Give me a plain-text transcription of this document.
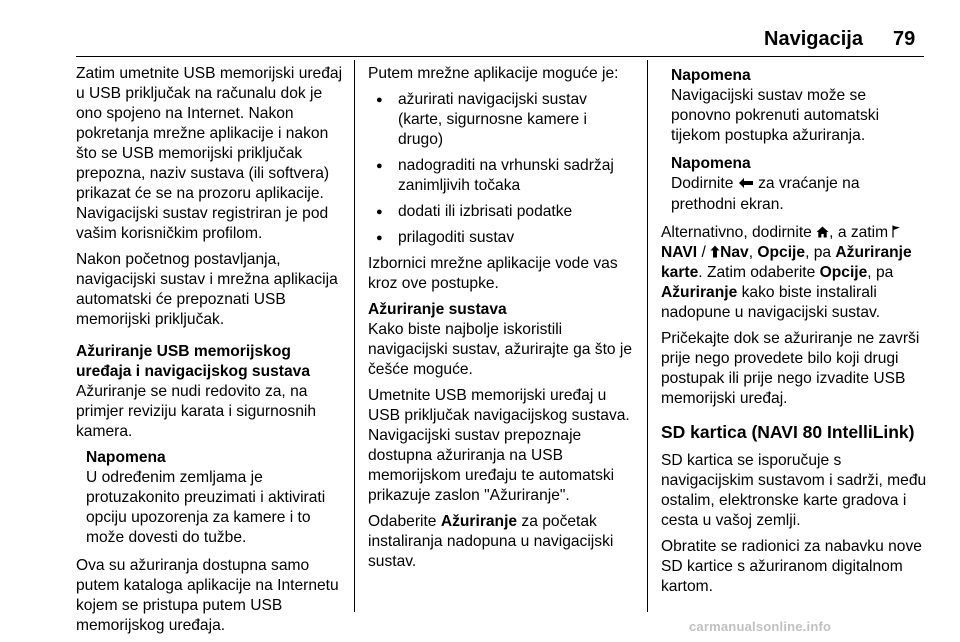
Navigacija 79

Zatim umetnite USB memorijski uređaj u USB priključak na računalu dok je ono spojeno na Internet. Nakon pokretanja mrežne aplikacije i nakon što se USB memorijski priključak prepozna, naziv sustava (ili softvera) prikazat će se na prozoru aplikacije. Navigacijski sustav registriran je pod vašim korisničkim profilom.

Nakon početnog postavljanja, navigacijski sustav i mrežna aplikacija automatski će prepoznati USB memorijski priključak.

Ažuriranje USB memorijskog uređaja i navigacijskog sustava

Ažuriranje se nudi redovito za, na primjer reviziju karata i sigurnosnih kamera.

Napomena
U određenim zemljama je protuzakonito preuzimati i aktivirati opciju upozorenja za kamere i to može dovesti do tužbe.

Ova su ažuriranja dostupna samo putem kataloga aplikacije na Internetu kojem se pristupa putem USB memorijskog uređaja.

Putem mrežne aplikacije moguće je:

● ažurirati navigacijski sustav (karte, sigurnosne kamere i drugo)
● nadograditi na vrhunski sadržaj zanimljivih točaka
● dodati ili izbrisati podatke
● prilagoditi sustav

Izbornici mrežne aplikacije vode vas kroz ove postupke.

Ažuriranje sustava

Kako biste najbolje iskoristili navigacijski sustav, ažurirajte ga što je češće moguće.

Umetnite USB memorijski uređaj u USB priključak navigacijskog sustava. Navigacijski sustav prepoznaje dostupna ažuriranja na USB memorijskom uređaju te automatski prikazuje zaslon "Ažuriranje".

Odaberite Ažuriranje za početak instaliranja nadopuna u navigacijski sustav.

Napomena
Navigacijski sustav može se ponovno pokrenuti automatski tijekom postupka ažuriranja.
Napomena
Dodirnite  za vraćanje na prethodni ekran.

Alternativno, dodirnite , a zatim NAVI / Nav, Opcije, pa Ažuriranje karte. Zatim odaberite Opcije, pa Ažuriranje kako biste instalirali nadopune u navigacijski sustav.

Pričekajte dok se ažuriranje ne završi prije nego provedete bilo koji drugi postupak ili prije nego izvadite USB memorijski uređaj.

SD kartica (NAVI 80 IntelliLink)

SD kartica se isporučuje s navigacijskim sustavom i sadrži, među ostalim, elektronske karte gradova i cesta u vašoj zemlji.

Obratite se radionici za nabavku nove SD kartice s ažuriranom digitalnom kartom.

carmanualsonline.info
